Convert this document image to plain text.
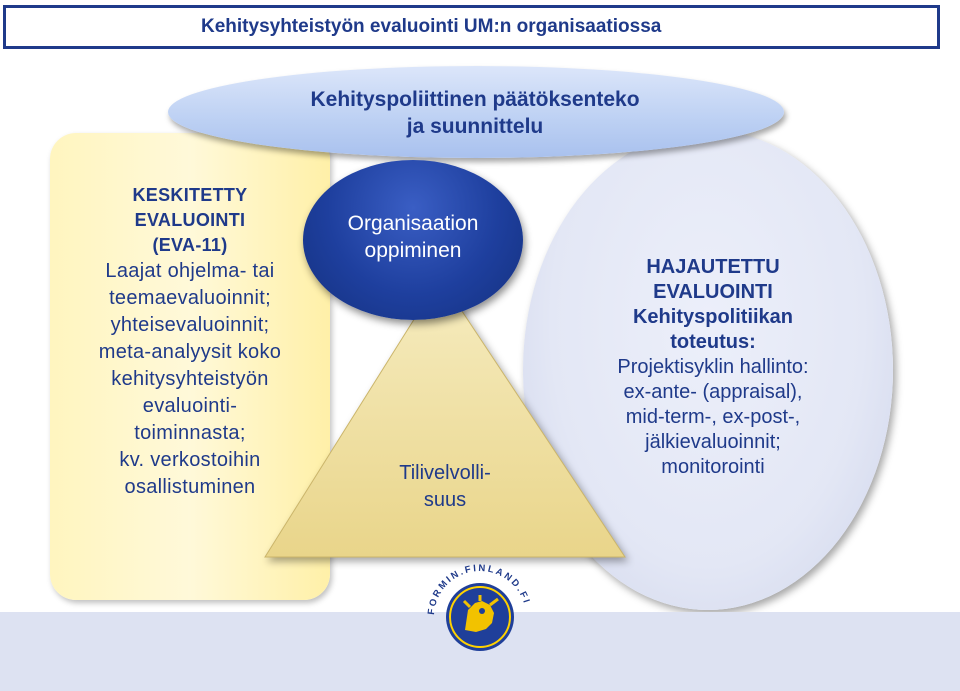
Kehitysyhteistyön evaluointi UM:n organisaatiossa
KESKITETTY
EVALUOINTI
(EVA-11)
Laajat ohjelma- tai
teemaevaluoinnit;
yhteisevaluoinnit;
meta-analyysit koko
kehitysyhteistyön
evaluointi-
toiminnasta;
kv. verkostoihin
osallistuminen
HAJAUTETTU
EVALUOINTI
Kehityspolitiikan
toteutus:
Projektisyklin hallinto:
ex-ante- (appraisal),
mid-term-, ex-post-,
jälkievaluoinnit;
monitorointi
Kehityspoliittinen päätöksenteko
ja suunnittelu
Organisaation
oppiminen
Tilivelvolli-
suus
FORMIN.FINLAND.FI
